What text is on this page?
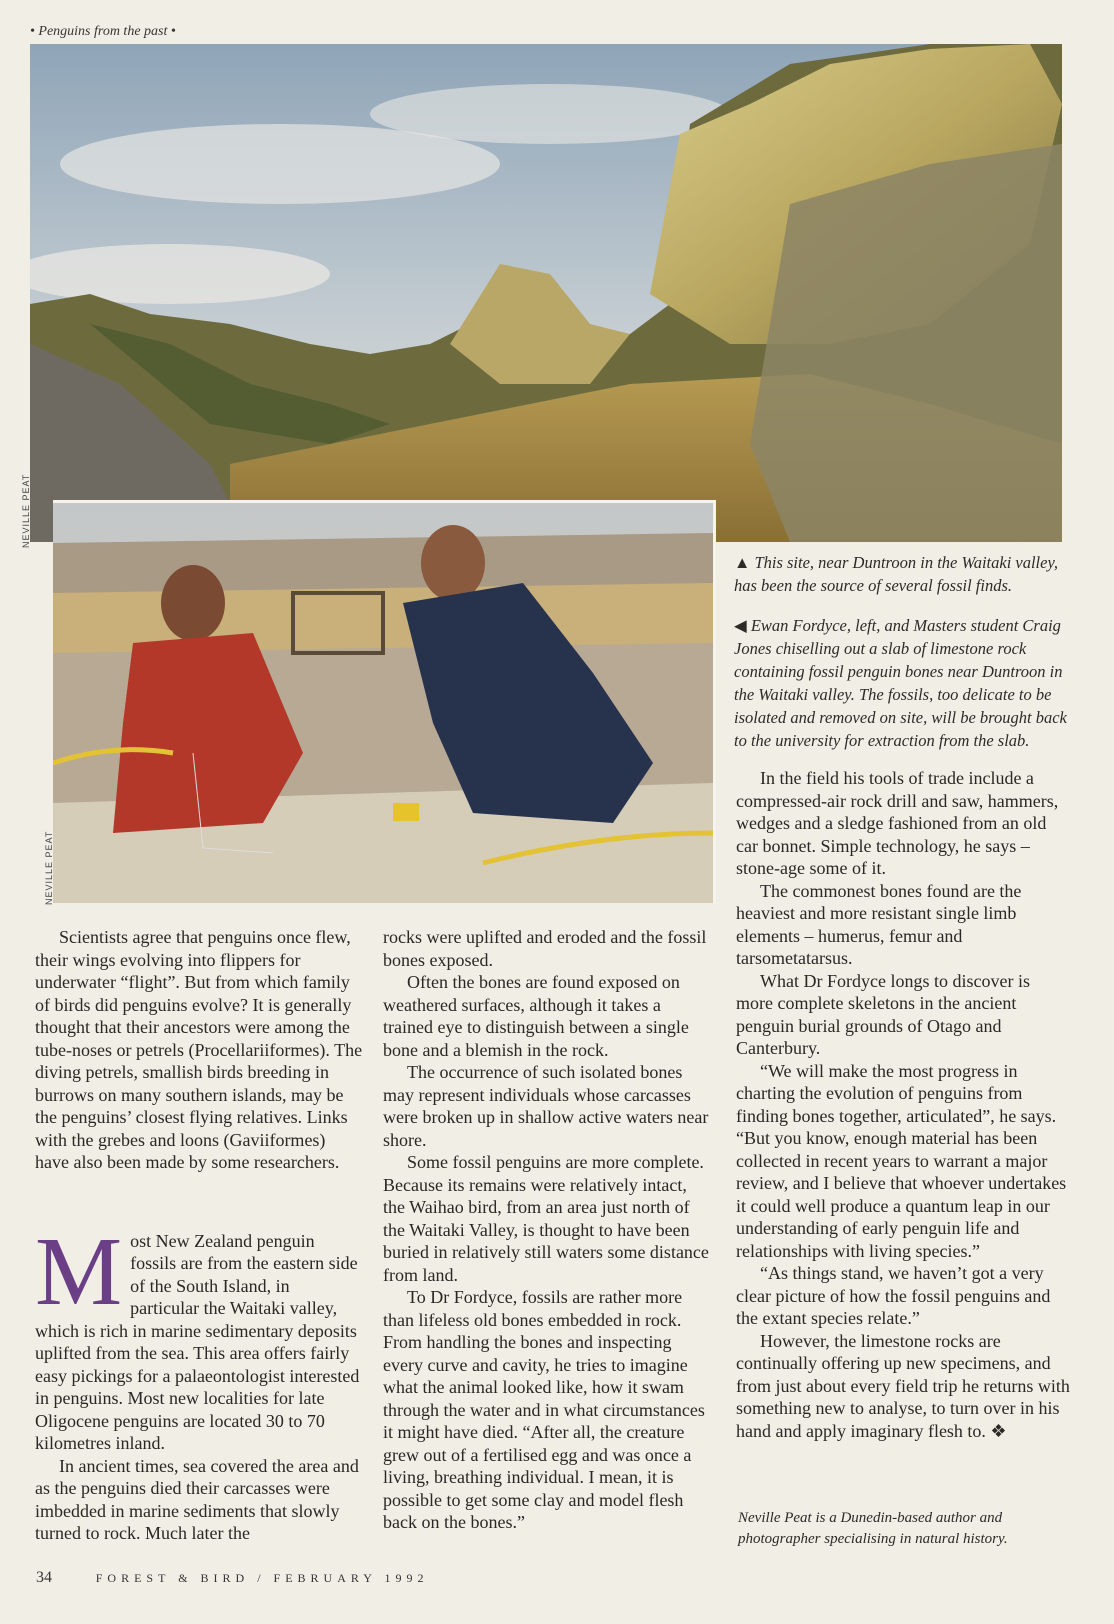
• Penguins from the past •
NEVILLE PEAT
NEVILLE PEAT
▲ This site, near Duntroon in the Waitaki valley, has been the source of several fossil finds.
◀ Ewan Fordyce, left, and Masters student Craig Jones chiselling out a slab of limestone rock containing fossil penguin bones near Duntroon in the Waitaki valley. The fossils, too delicate to be isolated and removed on site, will be brought back to the university for extraction from the slab.

Scientists agree that penguins once flew, their wings evolving into flippers for underwater “flight”. But from which family of birds did penguins evolve? It is generally thought that their ancestors were among the tube-noses or petrels (Procellariiformes). The diving petrels, smallish birds breeding in burrows on many southern islands, may be the penguins’ closest flying relatives. Links with the grebes and loons (Gaviiformes) have also been made by some researchers.

M ost New Zealand penguin fossils are from the eastern side of the South Island, in particular the Waitaki valley, which is rich in marine sedimentary deposits uplifted from the sea. This area offers fairly easy pickings for a palaeontologist interested in penguins. Most new localities for late Oligocene penguins are located 30 to 70 kilometres inland.

In ancient times, sea covered the area and as the penguins died their carcasses were imbedded in marine sediments that slowly turned to rock. Much later the

rocks were uplifted and eroded and the fossil bones exposed.

Often the bones are found exposed on weathered surfaces, although it takes a trained eye to distinguish between a single bone and a blemish in the rock.

The occurrence of such isolated bones may represent individuals whose carcasses were broken up in shallow active waters near shore.

Some fossil penguins are more complete. Because its remains were relatively intact, the Waihao bird, from an area just north of the Waitaki Valley, is thought to have been buried in relatively still waters some distance from land.

To Dr Fordyce, fossils are rather more than lifeless old bones embedded in rock. From handling the bones and inspecting every curve and cavity, he tries to imagine what the animal looked like, how it swam through the water and in what circumstances it might have died. “After all, the creature grew out of a fertilised egg and was once a living, breathing individual. I mean, it is possible to get some clay and model flesh back on the bones.”

In the field his tools of trade include a compressed-air rock drill and saw, hammers, wedges and a sledge fashioned from an old car bonnet. Simple technology, he says – stone-age some of it.

The commonest bones found are the heaviest and more resistant single limb elements – humerus, femur and tarsometatarsus.

What Dr Fordyce longs to discover is more complete skeletons in the ancient penguin burial grounds of Otago and Canterbury.

“We will make the most progress in charting the evolution of penguins from finding bones together, articulated”, he says. “But you know, enough material has been collected in recent years to warrant a major review, and I believe that whoever undertakes it could well produce a quantum leap in our understanding of early penguin life and relationships with living species.”

“As things stand, we haven’t got a very clear picture of how the fossil penguins and the extant species relate.”

However, the limestone rocks are continually offering up new specimens, and from just about every field trip he returns with something new to analyse, to turn over in his hand and apply imaginary flesh to. ❖

Neville Peat is a Dunedin-based author and photographer specialising in natural history.
34	FOREST & BIRD / FEBRUARY 1992
